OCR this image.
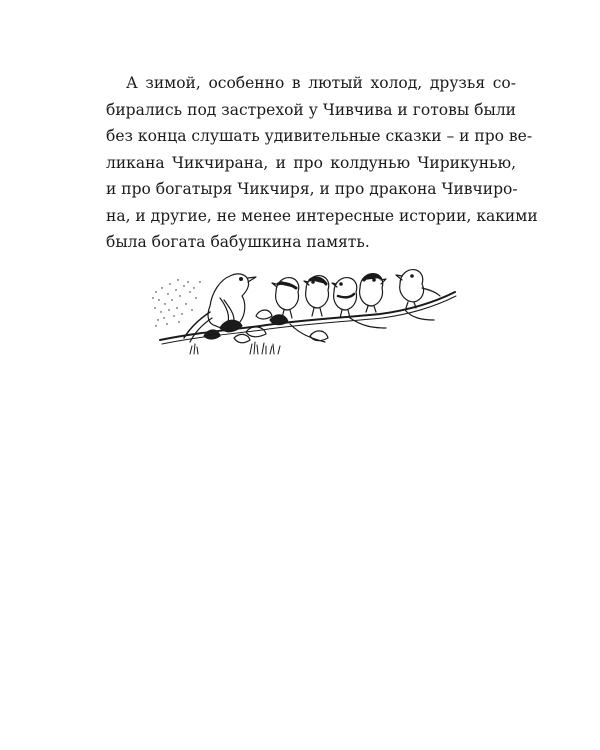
А зимой, особенно в лютый холод, друзья со-
бирались под застрехой у Чивчива и готовы были
без конца слушать удивительные сказки – и про ве-
ликана Чикчирана, и про колдунью Чирикунью,
и про богатыря Чикчиря, и про дракона Чивчиро-
на, и другие, не менее интересные истории, какими
была богата бабушкина память.
